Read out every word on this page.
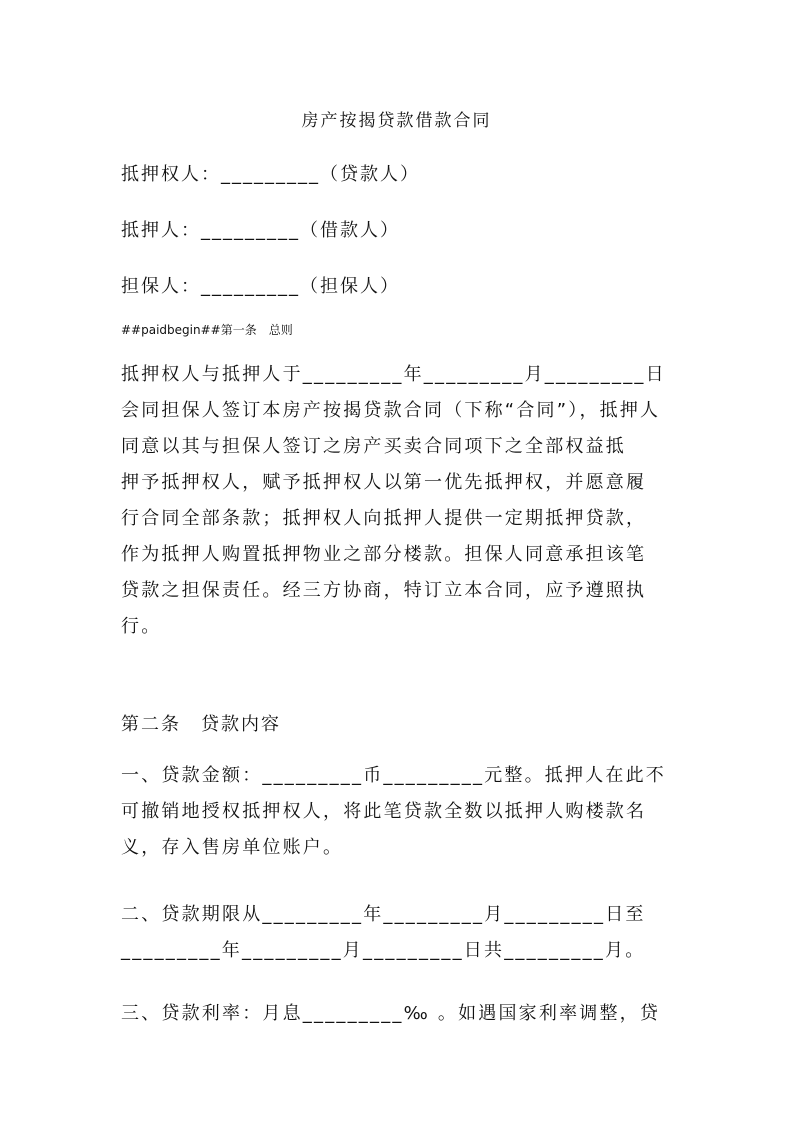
房产按揭贷款借款合同
抵押权人：_________（贷款人）
抵押人：_________（借款人）
担保人：_________（担保人）
##paidbegin##第一条　总则
抵押权人与抵押人于_________年_________月_________日
会同担保人签订本房产按揭贷款合同（下称“合同”），抵押人
同意以其与担保人签订之房产买卖合同项下之全部权益抵
押予抵押权人，赋予抵押权人以第一优先抵押权，并愿意履
行合同全部条款；抵押权人向抵押人提供一定期抵押贷款，
作为抵押人购置抵押物业之部分楼款。担保人同意承担该笔
贷款之担保责任。经三方协商，特订立本合同，应予遵照执
行。
第二条　贷款内容
一、贷款金额：_________币_________元整。抵押人在此不
可撤销地授权抵押权人，将此笔贷款全数以抵押人购楼款名
义，存入售房单位账户。
二、贷款期限从_________年_________月_________日至
_________年_________月_________日共_________月。
三、贷款利率：月息_________‰ 。如遇国家利率调整，贷
